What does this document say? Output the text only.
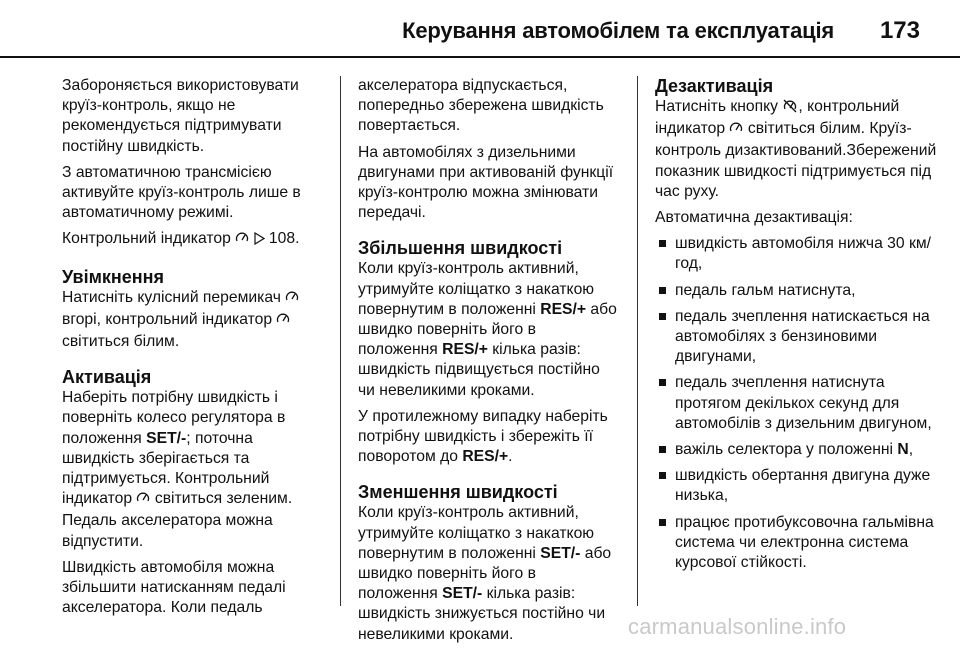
Керування автомобілем та експлуатація 173

Забороняється використовувати круїз-контроль, якщо не рекомендується підтримувати постійну швидкість.

З автоматичною трансмісією активуйте круїз-контроль лише в автоматичному режимі.

Контрольний індикатор 108.

Увімкнення

Натисніть кулісний перемикач  вгорі, контрольний індикатор  світиться білим.

Активація

Наберіть потрібну швидкість і поверніть колесо регулятора в положення SET/-; поточна швидкість зберігається та підтримується. Контрольний індикатор світиться зеленим. Педаль акселератора можна відпустити.

Швидкість автомобіля можна збільшити натисканням педалі акселератора. Коли педаль

акселератора відпускається, попередньо збережена швидкість повертається.

На автомобілях з дизельними двигунами при активованій функції круїз-контролю можна змінювати передачі.

Збільшення швидкості

Коли круїз-контроль активний, утримуйте коліщатко з накаткою повернутим в положенні RES/+ або швидко поверніть його в положення RES/+ кілька разів: швидкість підвищується постійно чи невеликими кроками.

У протилежному випадку наберіть потрібну швидкість і збережіть її поворотом до RES/+.

Зменшення швидкості

Коли круїз-контроль активний, утримуйте коліщатко з накаткою повернутим в положенні SET/- або швидко поверніть його в положення SET/- кілька разів: швидкість знижується постійно чи невеликими кроками.

Дезактивація

Натисніть кнопку , контрольний індикатор світиться білим. Круїз-контроль дизактивований.Збережений показник швидкості підтримується під час руху.

Автоматична дезактивація:

швидкість автомобіля нижча 30 км/год,
педаль гальм натиснута,
педаль зчеплення натискається на автомобілях з бензиновими двигунами,
педаль зчеплення натиснута протягом декількох секунд для автомобілів з дизельним двигуном,
важіль селектора у положенні N,
швидкість обертання двигуна дуже низька,
працює протибуксовочна гальмівна система чи електронна система курсової стійкості.
carmanualsonline.info
